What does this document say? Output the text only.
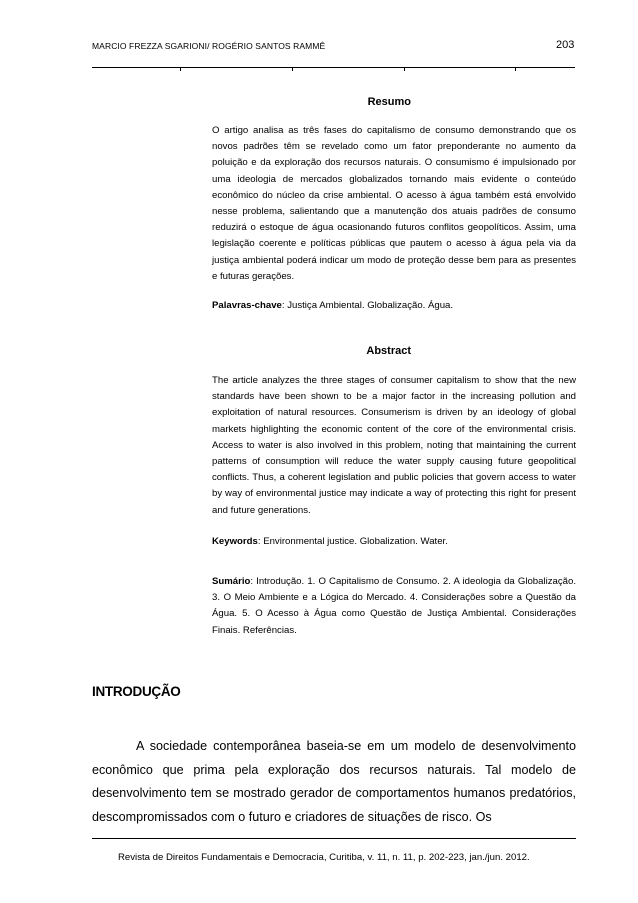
MARCIO FREZZA SGARIONI/ ROGÉRIO SANTOS RAMMÊ	203
Resumo
O artigo analisa as três fases do capitalismo de consumo demonstrando que os novos padrões têm se revelado como um fator preponderante no aumento da poluição e da exploração dos recursos naturais. O consumismo é impulsionado por uma ideologia de mercados globalizados tornando mais evidente o conteúdo econômico do núcleo da crise ambiental. O acesso à água também está envolvido nesse problema, salientando que a manutenção dos atuais padrões de consumo reduzirá o estoque de água ocasionando futuros conflitos geopolíticos. Assim, uma legislação coerente e políticas públicas que pautem o acesso à água pela via da justiça ambiental poderá indicar um modo de proteção desse bem para as presentes e futuras gerações.
Palavras-chave: Justiça Ambiental. Globalização. Água.
Abstract
The article analyzes the three stages of consumer capitalism to show that the new standards have been shown to be a major factor in the increasing pollution and exploitation of natural resources. Consumerism is driven by an ideology of global markets highlighting the economic content of the core of the environmental crisis. Access to water is also involved in this problem, noting that maintaining the current patterns of consumption will reduce the water supply causing future geopolitical conflicts. Thus, a coherent legislation and public policies that govern access to water by way of environmental justice may indicate a way of protecting this right for present and future generations.
Keywords: Environmental justice. Globalization. Water.
Sumário: Introdução. 1. O Capitalismo de Consumo. 2. A ideologia da Globalização. 3. O Meio Ambiente e a Lógica do Mercado. 4. Considerações sobre a Questão da Água. 5. O Acesso à Água como Questão de Justiça Ambiental. Considerações Finais. Referências.
INTRODUÇÃO
A sociedade contemporânea baseia-se em um modelo de desenvolvimento econômico que prima pela exploração dos recursos naturais. Tal modelo de desenvolvimento tem se mostrado gerador de comportamentos humanos predatórios, descompromissados com o futuro e criadores de situações de risco. Os
Revista de Direitos Fundamentais e Democracia, Curitiba, v. 11, n. 11, p. 202-223, jan./jun. 2012.
